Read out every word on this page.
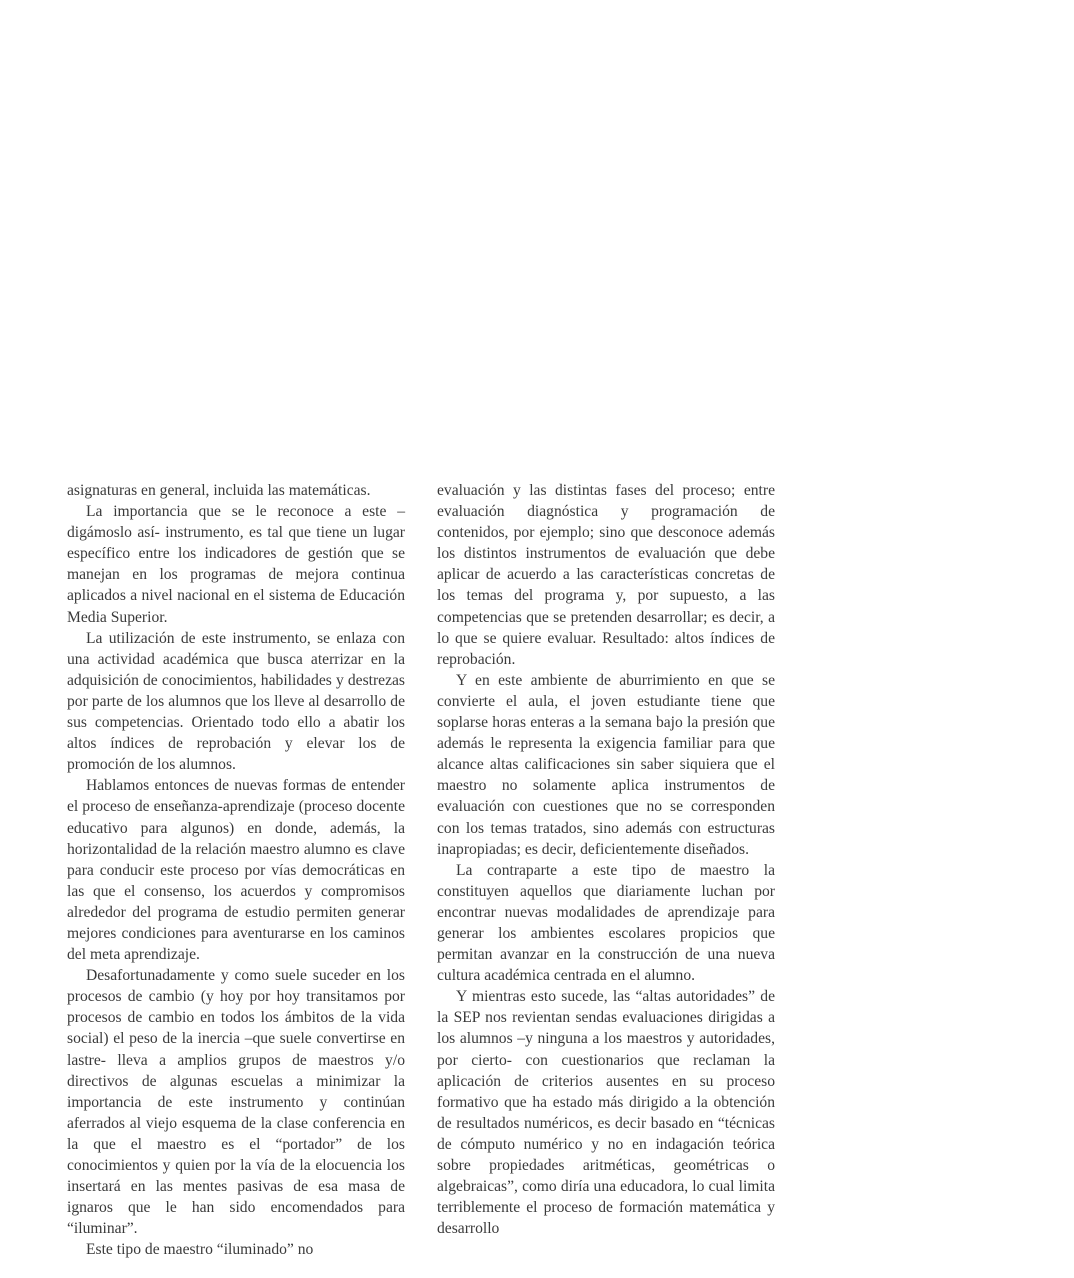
asignaturas en general, incluida las matemáticas.

La importancia que se le reconoce a este –digámoslo así- instrumento, es tal que tiene un lugar específico entre los indicadores de gestión que se manejan en los programas de mejora continua aplicados a nivel nacional en el sistema de Educación Media Superior.

La utilización de este instrumento, se enlaza con una actividad académica que busca aterrizar en la adquisición de conocimientos, habilidades y destrezas por parte de los alumnos que los lleve al desarrollo de sus competencias. Orientado todo ello a abatir los altos índices de reprobación y elevar los de promoción de los alumnos.

Hablamos entonces de nuevas formas de entender el proceso de enseñanza-aprendizaje (proceso docente educativo para algunos) en donde, además, la horizontalidad de la relación maestro alumno es clave para conducir este proceso por vías democráticas en las que el consenso, los acuerdos y compromisos alrededor del programa de estudio permiten generar mejores condiciones para aventurarse en los caminos del meta aprendizaje.

Desafortunadamente y como suele suceder en los procesos de cambio (y hoy por hoy transitamos por procesos de cambio en todos los ámbitos de la vida social) el peso de la inercia –que suele convertirse en lastre- lleva a amplios grupos de maestros y/o directivos de algunas escuelas a minimizar la importancia de este instrumento y continúan aferrados al viejo esquema de la clase conferencia en la que el maestro es el “portador” de los conocimientos y quien por la vía de la elocuencia los insertará en las mentes pasivas de esa masa de ignaros que le han sido encomendados para “iluminar”.

Este tipo de maestro “iluminado” no

evaluación y las distintas fases del proceso; entre evaluación diagnóstica y programación de contenidos, por ejemplo; sino que desconoce además los distintos instrumentos de evaluación que debe aplicar de acuerdo a las características concretas de los temas del programa y, por supuesto, a las competencias que se pretenden desarrollar; es decir, a lo que se quiere evaluar. Resultado: altos índices de reprobación.

Y en este ambiente de aburrimiento en que se convierte el aula, el joven estudiante tiene que soplarse horas enteras a la semana bajo la presión que además le representa la exigencia familiar para que alcance altas calificaciones sin saber siquiera que el maestro no solamente aplica instrumentos de evaluación con cuestiones que no se corresponden con los temas tratados, sino además con estructuras inapropiadas; es decir, deficientemente diseñados.

La contraparte a este tipo de maestro la constituyen aquellos que diariamente luchan por encontrar nuevas modalidades de aprendizaje para generar los ambientes escolares propicios que permitan avanzar en la construcción de una nueva cultura académica centrada en el alumno.

Y mientras esto sucede, las “altas autoridades” de la SEP nos revientan sendas evaluaciones dirigidas a los alumnos –y ninguna a los maestros y autoridades, por cierto- con cuestionarios que reclaman la aplicación de criterios ausentes en su proceso formativo que ha estado más dirigido a la obtención de resultados numéricos, es decir basado en “técnicas de cómputo numérico y no en indagación teórica sobre propiedades aritméticas, geométricas o algebraicas”, como diría una educadora, lo cual limita terriblemente el proceso de formación matemática y desarrollo
